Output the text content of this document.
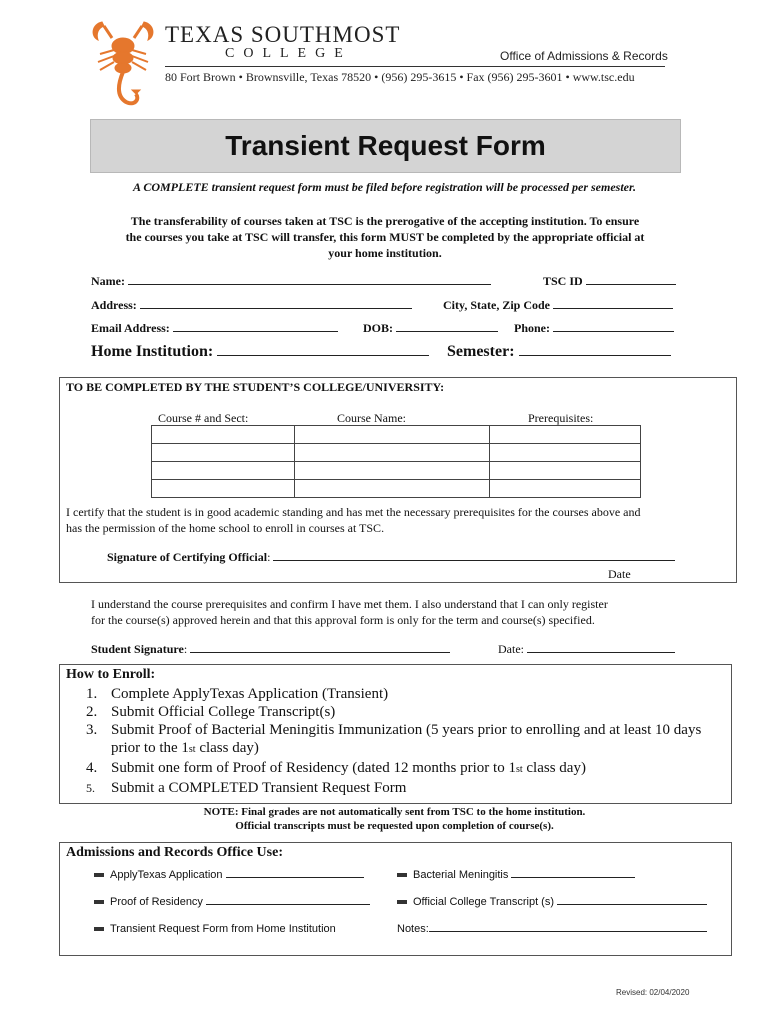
TEXAS SOUTHMOST
COLLEGE	Office of Admissions & Records
80 Fort Brown • Brownsville, Texas 78520 • (956) 295-3615 • Fax (956) 295-3601 • www.tsc.edu
Transient Request Form
A COMPLETE transient request form must be filed before registration will be processed per semester.
The transferability of courses taken at TSC is the prerogative of the accepting institution. To ensure
the courses you take at TSC will transfer, this form MUST be completed by the appropriate official at
your home institution.
Name:	TSC ID
Address:	City, State, Zip Code
Email Address:	DOB:	Phone:
Home Institution:	Semester:
TO BE COMPLETED BY THE STUDENT’S COLLEGE/UNIVERSITY:
Course # and Sect:	Course Name:	Prerequisites:

I certify that the student is in good academic standing and has met the necessary prerequisites for the courses above and
has the permission of the home school to enroll in courses at TSC.
Signature of Certifying Official:
Date
I understand the course prerequisites and confirm I have met them. I also understand that I can only register
for the course(s) approved herein and that this approval form is only for the term and course(s) specified.
Student Signature:	Date:
How to Enroll:
1. Complete ApplyTexas Application (Transient)
2. Submit Official College Transcript(s)
3. Submit Proof of Bacterial Meningitis Immunization (5 years prior to enrolling and at least 10 days
prior to the 1st class day)
4. Submit one form of Proof of Residency (dated 12 months prior to 1st class day)
5. Submit a COMPLETED Transient Request Form
NOTE: Final grades are not automatically sent from TSC to the home institution.
Official transcripts must be requested upon completion of course(s).
Admissions and Records Office Use:
ApplyTexas Application	Bacterial Meningitis
Proof of Residency	Official College Transcript (s)
Transient Request Form from Home Institution	Notes:
Revised: 02/04/2020
